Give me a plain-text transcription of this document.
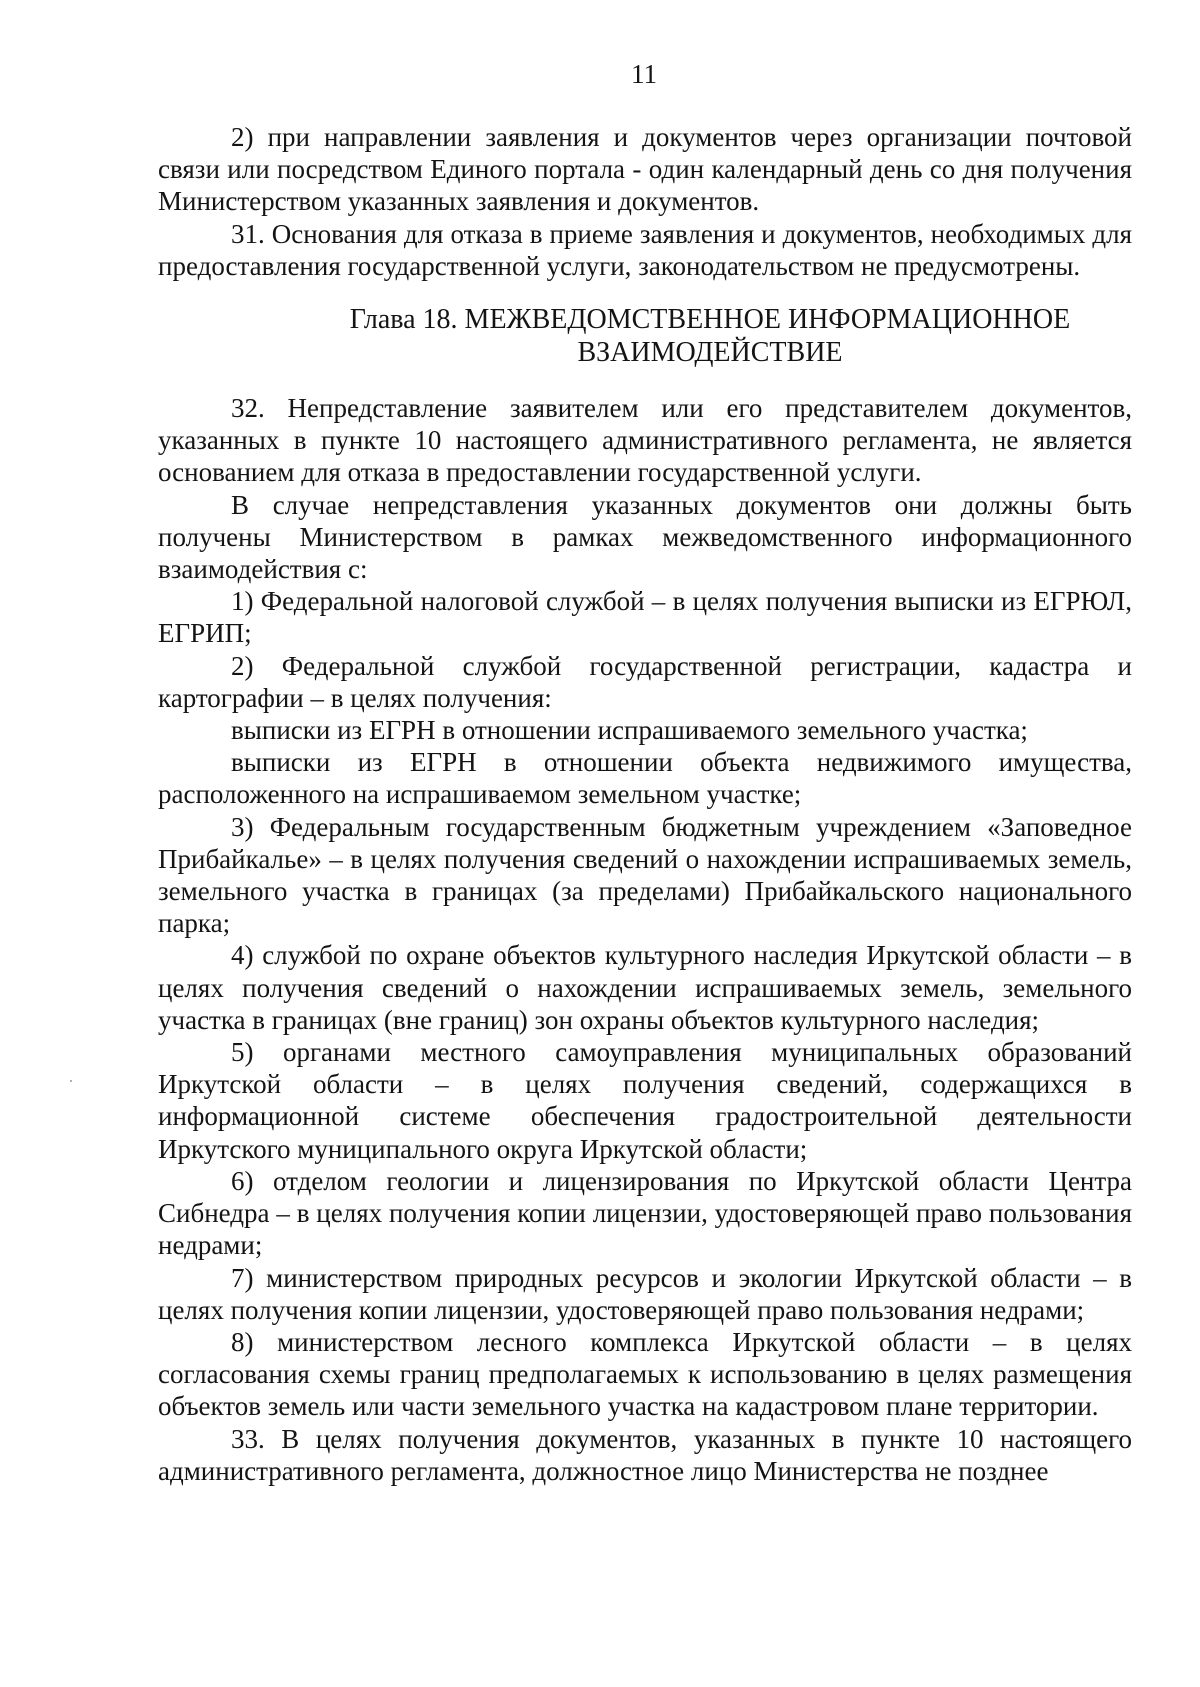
11

2) при направлении заявления и документов через организации почтовой связи или посредством Единого портала - один календарный день со дня получения Министерством указанных заявления и документов.

31. Основания для отказа в приеме заявления и документов, необходимых для предоставления государственной услуги, законодательством не предусмотрены.

Глава 18. МЕЖВЕДОМСТВЕННОЕ ИНФОРМАЦИОННОЕ
ВЗАИМОДЕЙСТВИЕ

32. Непредставление заявителем или его представителем документов, указанных в пункте 10 настоящего административного регламента, не является основанием для отказа в предоставлении государственной услуги.

В случае непредставления указанных документов они должны быть получены Министерством в рамках межведомственного информационного взаимодействия с:

1) Федеральной налоговой службой – в целях получения выписки из ЕГРЮЛ, ЕГРИП;

2) Федеральной службой государственной регистрации, кадастра и картографии – в целях получения:

выписки из ЕГРН в отношении испрашиваемого земельного участка;

выписки из ЕГРН в отношении объекта недвижимого имущества, расположенного на испрашиваемом земельном участке;

3) Федеральным государственным бюджетным учреждением «Заповедное Прибайкалье» – в целях получения сведений о нахождении испрашиваемых земель, земельного участка в границах (за пределами) Прибайкальского национального парка;

4) службой по охране объектов культурного наследия Иркутской области – в целях получения сведений о нахождении испрашиваемых земель, земельного участка в границах (вне границ) зон охраны объектов культурного наследия;

5) органами местного самоуправления муниципальных образований Иркутской области – в целях получения сведений, содержащихся в информационной системе обеспечения градостроительной деятельности Иркутского муниципального округа Иркутской области;

6) отделом геологии и лицензирования по Иркутской области Центра Сибнедра – в целях получения копии лицензии, удостоверяющей право пользования недрами;

7) министерством природных ресурсов и экологии Иркутской области – в целях получения копии лицензии, удостоверяющей право пользования недрами;

8) министерством лесного комплекса Иркутской области – в целях согласования схемы границ предполагаемых к использованию в целях размещения объектов земель или части земельного участка на кадастровом плане территории.

33. В целях получения документов, указанных в пункте 10 настоящего административного регламента, должностное лицо Министерства не позднее
